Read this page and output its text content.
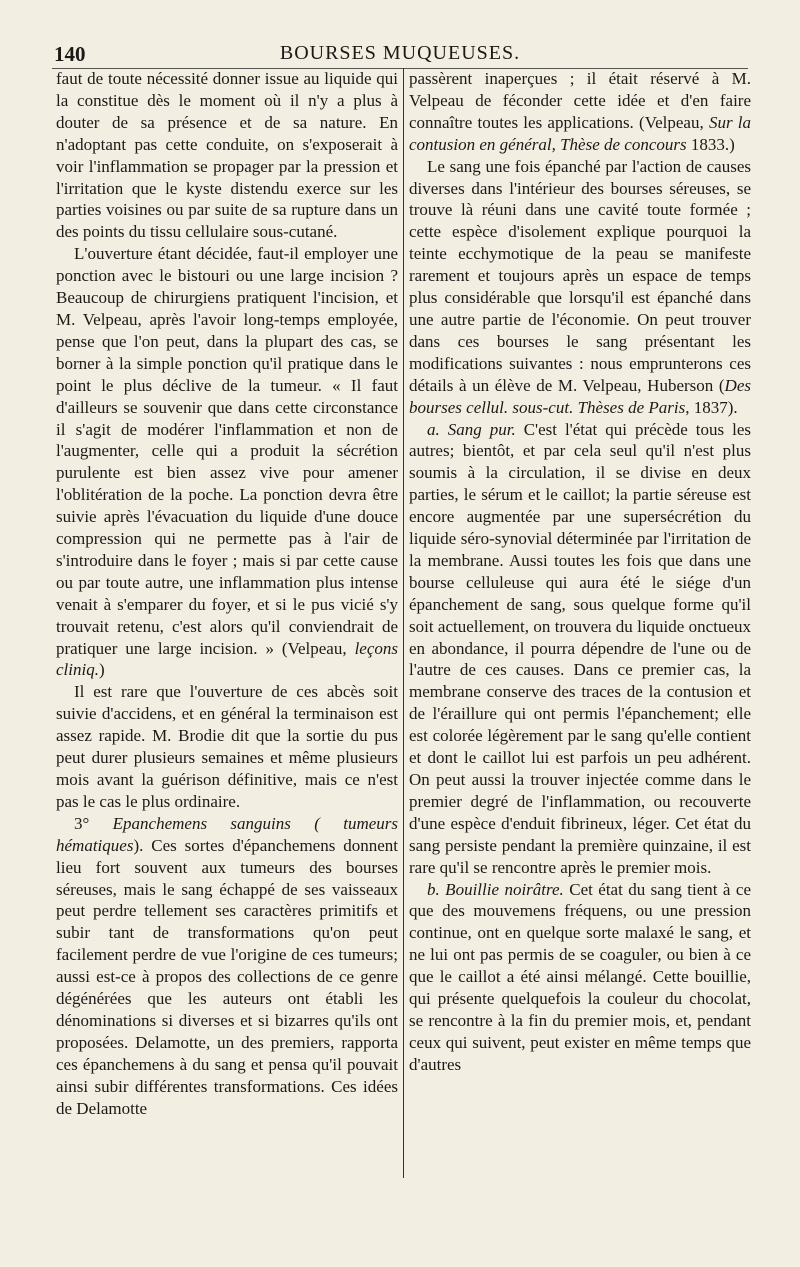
140	BOURSES MUQUEUSES.

faut de toute nécessité donner issue au liquide qui la constitue dès le moment où il n'y a plus à douter de sa présence et de sa nature. En n'adoptant pas cette conduite, on s'exposerait à voir l'inflammation se propager par la pression et l'irritation que le kyste distendu exerce sur les parties voisines ou par suite de sa rupture dans un des points du tissu cellulaire sous-cutané.

L'ouverture étant décidée, faut-il employer une ponction avec le bistouri ou une large incision ? Beaucoup de chirurgiens pratiquent l'incision, et M. Velpeau, après l'avoir long-temps employée, pense que l'on peut, dans la plupart des cas, se borner à la simple ponction qu'il pratique dans le point le plus déclive de la tumeur. « Il faut d'ailleurs se souvenir que dans cette circonstance il s'agit de modérer l'inflammation et non de l'augmenter, celle qui a produit la sécrétion purulente est bien assez vive pour amener l'oblitération de la poche. La ponction devra être suivie après l'évacuation du liquide d'une douce compression qui ne permette pas à l'air de s'introduire dans le foyer ; mais si par cette cause ou par toute autre, une inflammation plus intense venait à s'emparer du foyer, et si le pus vicié s'y trouvait retenu, c'est alors qu'il conviendrait de pratiquer une large incision. » (Velpeau, leçons cliniq.)

Il est rare que l'ouverture de ces abcès soit suivie d'accidens, et en général la terminaison est assez rapide. M. Brodie dit que la sortie du pus peut durer plusieurs semaines et même plusieurs mois avant la guérison définitive, mais ce n'est pas le cas le plus ordinaire.

3° Epanchemens sanguins ( tumeurs hématiques). Ces sortes d'épanchemens donnent lieu fort souvent aux tumeurs des bourses séreuses, mais le sang échappé de ses vaisseaux peut perdre tellement ses caractères primitifs et subir tant de transformations qu'on peut facilement perdre de vue l'origine de ces tumeurs; aussi est-ce à propos des collections de ce genre dégénérées que les auteurs ont établi les dénominations si diverses et si bizarres qu'ils ont proposées. Delamotte, un des premiers, rapporta ces épanchemens à du sang et pensa qu'il pouvait ainsi subir différentes transformations. Ces idées de Delamotte

passèrent inaperçues ; il était réservé à M. Velpeau de féconder cette idée et d'en faire connaître toutes les applications. (Velpeau, Sur la contusion en général, Thèse de concours 1833.)

Le sang une fois épanché par l'action de causes diverses dans l'intérieur des bourses séreuses, se trouve là réuni dans une cavité toute formée ; cette espèce d'isolement explique pourquoi la teinte ecchymotique de la peau se manifeste rarement et toujours après un espace de temps plus considérable que lorsqu'il est épanché dans une autre partie de l'économie. On peut trouver dans ces bourses le sang présentant les modifications suivantes : nous emprunterons ces détails à un élève de M. Velpeau, Huberson (Des bourses cellul. sous-cut. Thèses de Paris, 1837).

a. Sang pur. C'est l'état qui précède tous les autres; bientôt, et par cela seul qu'il n'est plus soumis à la circulation, il se divise en deux parties, le sérum et le caillot; la partie séreuse est encore augmentée par une supersécrétion du liquide séro-synovial déterminée par l'irritation de la membrane. Aussi toutes les fois que dans une bourse celluleuse qui aura été le siége d'un épanchement de sang, sous quelque forme qu'il soit actuellement, on trouvera du liquide onctueux en abondance, il pourra dépendre de l'une ou de l'autre de ces causes. Dans ce premier cas, la membrane conserve des traces de la contusion et de l'éraillure qui ont permis l'épanchement; elle est colorée légèrement par le sang qu'elle contient et dont le caillot lui est parfois un peu adhérent. On peut aussi la trouver injectée comme dans le premier degré de l'inflammation, ou recouverte d'une espèce d'enduit fibrineux, léger. Cet état du sang persiste pendant la première quinzaine, il est rare qu'il se rencontre après le premier mois.

b. Bouillie noirâtre. Cet état du sang tient à ce que des mouvemens fréquens, ou une pression continue, ont en quelque sorte malaxé le sang, et ne lui ont pas permis de se coaguler, ou bien à ce que le caillot a été ainsi mélangé. Cette bouillie, qui présente quelquefois la couleur du chocolat, se rencontre à la fin du premier mois, et, pendant ceux qui suivent, peut exister en même temps que d'autres
